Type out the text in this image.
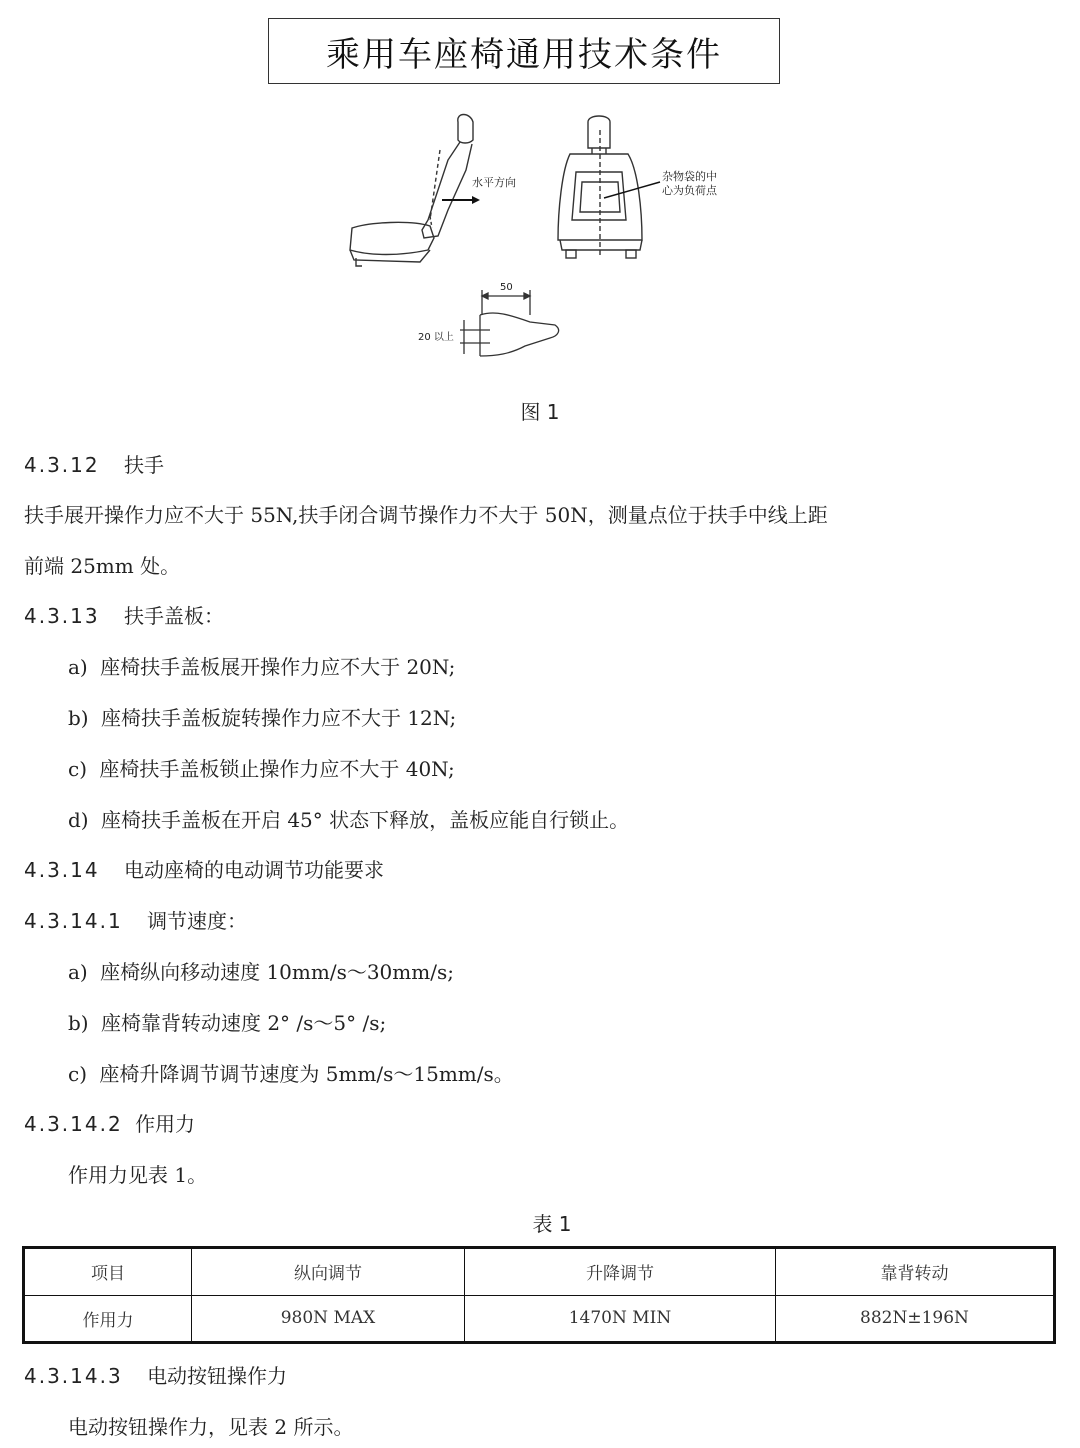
乘用车座椅通用技术条件
水平方向	杂物袋的中
心为负荷点
50
20 以上
图 1
4.3.12 扶手
扶手展开操作力应不大于 55N,扶手闭合调节操作力不大于 50N，测量点位于扶手中线上距
前端 25mm 处。
4.3.13 扶手盖板：
a) 座椅扶手盖板展开操作力应不大于 20N;
b) 座椅扶手盖板旋转操作力应不大于 12N;
c) 座椅扶手盖板锁止操作力应不大于 40N;
d) 座椅扶手盖板在开启 45° 状态下释放，盖板应能自行锁止。
4.3.14 电动座椅的电动调节功能要求
4.3.14.1 调节速度：
a) 座椅纵向移动速度 10mm/s～30mm/s;
b) 座椅靠背转动速度 2° /s～5° /s;
c) 座椅升降调节调节速度为 5mm/s～15mm/s。
4.3.14.2 作用力
作用力见表 1。
表 1
项目	纵向调节	升降调节	靠背转动
作用力	980N MAX	1470N MIN	882N±196N
4.3.14.3 电动按钮操作力
电动按钮操作力，见表 2 所示。
